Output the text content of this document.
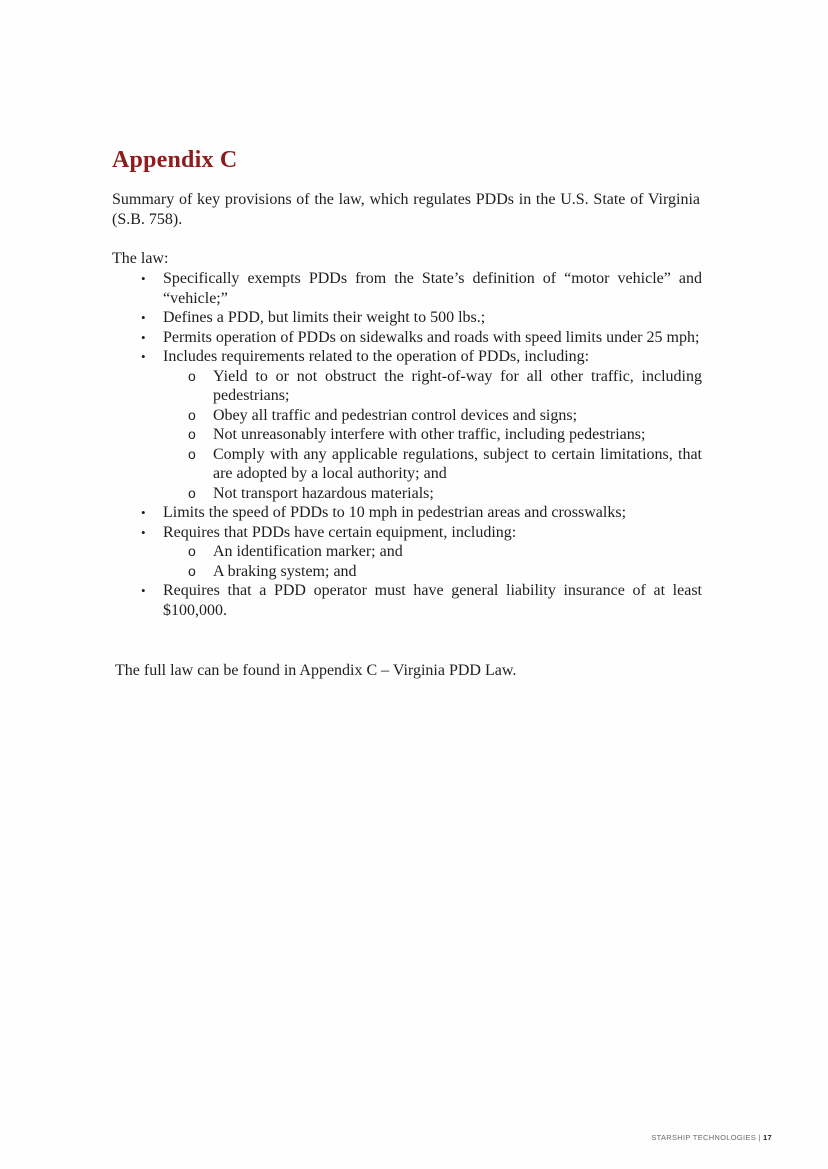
Appendix C

Summary of key provisions of the law, which regulates PDDs in the U.S. State of Virginia (S.B. 758).

The law:

• Specifically exempts PDDs from the State’s definition of “motor vehicle” and “vehicle;”
• Defines a PDD, but limits their weight to 500 lbs.;
• Permits operation of PDDs on sidewalks and roads with speed limits under 25 mph;
• Includes requirements related to the operation of PDDs, including:
o Yield to or not obstruct the right-of-way for all other traffic, including pedestrians;
o Obey all traffic and pedestrian control devices and signs;
o Not unreasonably interfere with other traffic, including pedestrians;
o Comply with any applicable regulations, subject to certain limitations, that are adopted by a local authority; and
o Not transport hazardous materials;
• Limits the speed of PDDs to 10 mph in pedestrian areas and crosswalks;
• Requires that PDDs have certain equipment, including:
o An identification marker; and
o A braking system; and
• Requires that a PDD operator must have general liability insurance of at least $100,000.

The full law can be found in Appendix C – Virginia PDD Law.

STARSHIP TECHNOLOGIES | 17
